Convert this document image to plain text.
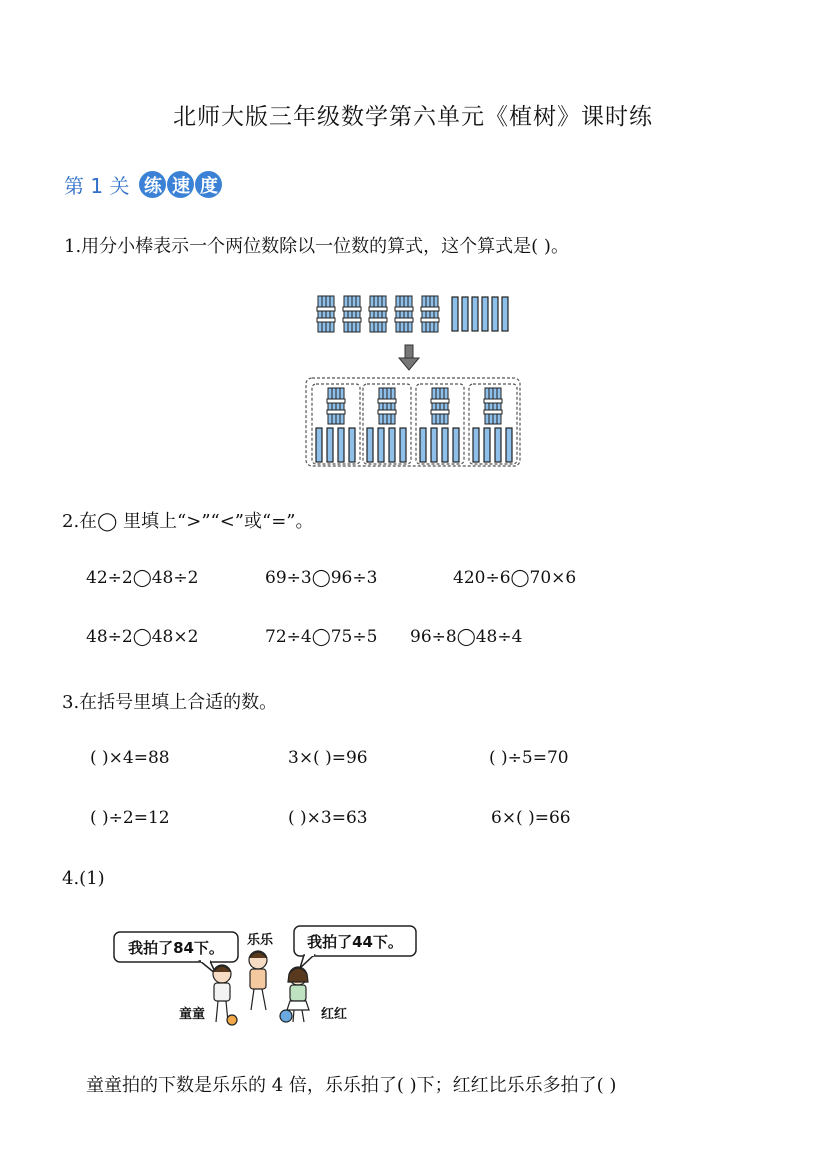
北师大版三年级数学第六单元《植树》课时练
第 1 关 练 速 度
1.用分小棒表示一个两位数除以一位数的算式，这个算式是( )。
2.在◯ 里填上“>”“<”或“=”。
42÷2◯48÷2	69÷3◯96÷3	420÷6◯70×6
48÷2◯48×2	72÷4◯75÷5 96÷8◯48÷4
3.在括号里填上合适的数。
( )×4=88	3×( )=96	( )÷5=70
( )÷2=12	( )×3=63	6×( )=66
4.(1)
我拍了84下。	我拍了44下。
乐乐
童童	红红
童童拍的下数是乐乐的 4 倍，乐乐拍了( )下；红红比乐乐多拍了( )
